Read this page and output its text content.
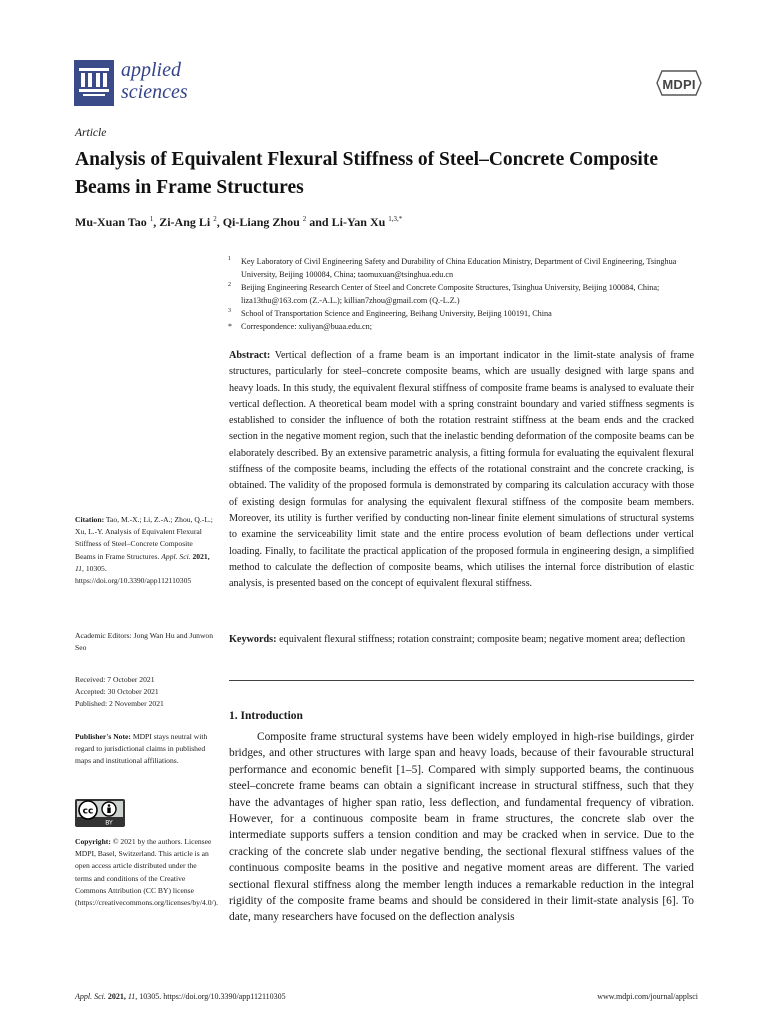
applied
sciences	MDPI
Article
Analysis of Equivalent Flexural Stiffness of Steel–Concrete Composite Beams in Frame Structures
Mu-Xuan Tao $^1$, Zi-Ang Li $^2$, Qi-Liang Zhou $^2$ and Li-Yan Xu $^{1,3,*}$
1 Key Laboratory of Civil Engineering Safety and Durability of China Education Ministry, Department of Civil Engineering, Tsinghua University, Beijing 100084, China; taomuxuan@tsinghua.edu.cn
2 Beijing Engineering Research Center of Steel and Concrete Composite Structures, Tsinghua University, Beijing 100084, China; liza13thu@163.com (Z.-A.L.); killian7zhou@gmail.com (Q.-L.Z.)
3 School of Transportation Science and Engineering, Beihang University, Beijing 100191, China
* Correspondence: xuliyan@buaa.edu.cn;

Abstract: Vertical deflection of a frame beam is an important indicator in the limit-state analysis of frame structures, particularly for steel–concrete composite beams, which are usually designed with large spans and heavy loads. In this study, the equivalent flexural stiffness of composite frame beams is analysed to evaluate their vertical deflection. A theoretical beam model with a spring constraint boundary and varied stiffness segments is established to consider the influence of both the rotation restraint stiffness at the beam ends and the cracked section in the negative moment region, such that the inelastic bending deformation of the composite beams can be elaborately described. By an extensive parametric analysis, a fitting formula for evaluating the equivalent flexural stiffness of the composite beams, including the effects of the rotational constraint and the concrete cracking, is obtained. The validity of the proposed formula is demonstrated by comparing its calculation accuracy with those of existing design formulas for analysing the equivalent flexural stiffness of the composite beam members. Moreover, its utility is further verified by conducting non-linear finite element simulations of structural systems to examine the serviceability limit state and the entire process evolution of beam deflections under vertical loading. Finally, to facilitate the practical application of the proposed formula in engineering design, a simplified method to calculate the deflection of composite beams, which utilises the internal force distribution of elastic analysis, is presented based on the concept of equivalent flexural stiffness.

Keywords: equivalent flexural stiffness; rotation constraint; composite beam; negative moment area; deflection

1. Introduction

Composite frame structural systems have been widely employed in high-rise buildings, girder bridges, and other structures with large span and heavy loads, because of their favourable structural performance and economic benefit [1–5]. Compared with simply supported beams, the continuous steel–concrete frame beams can obtain a significant increase in structural stiffness, such that they have the advantages of higher span ratio, less deflection, and fundamental frequency of vibration. However, for a continuous composite beam in frame structures, the concrete slab over the intermediate supports suffers a tension condition and may be cracked when in service. Due to the cracking of the concrete slab under negative bending, the sectional flexural stiffness values of the continuous composite beams in the positive and negative moment areas are different. The varied sectional flexural stiffness along the member length induces a remarkable reduction in the integral rigidity of the composite frame beams and should be considered in their limit-state analysis [6]. To date, many researchers have focused on the deflection analysis

Citation: Tao, M.-X.; Li, Z.-A.; Zhou, Q.-L.; Xu, L.-Y. Analysis of Equivalent Flexural Stiffness of Steel–Concrete Composite Beams in Frame Structures. Appl. Sci. 2021, 11, 10305. https://doi.org/10.3390/app112110305

Academic Editors: Jong Wan Hu and Junwon Seo

Received: 7 October 2021
Accepted: 30 October 2021
Published: 2 November 2021

Publisher's Note: MDPI stays neutral with regard to jurisdictional claims in published maps and institutional affiliations.

cc
BY

Copyright: © 2021 by the authors. Licensee MDPI, Basel, Switzerland. This article is an open access article distributed under the terms and conditions of the Creative Commons Attribution (CC BY) license (https://creativecommons.org/licenses/by/4.0/).

Appl. Sci. 2021, 11, 10305. https://doi.org/10.3390/app112110305	www.mdpi.com/journal/applsci
